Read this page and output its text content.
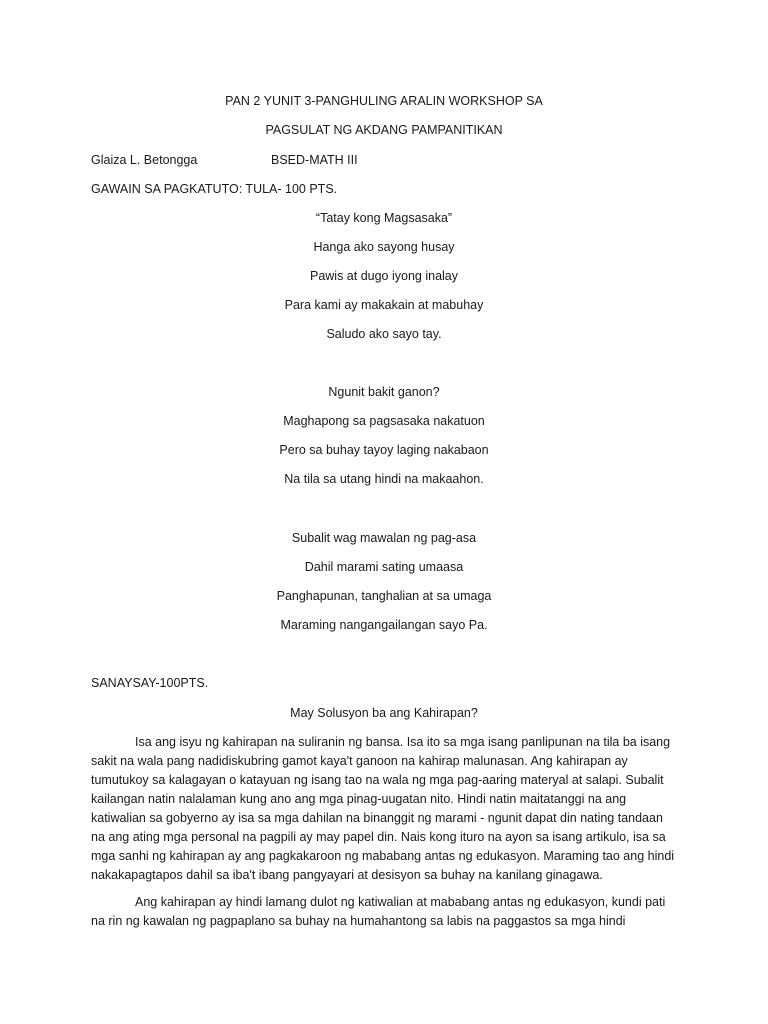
PAN 2 YUNIT 3-PANGHULING ARALIN WORKSHOP SA
PAGSULAT NG AKDANG PAMPANITIKAN
Glaiza L. Betongga	BSED-MATH III
GAWAIN SA PAGKATUTO: TULA- 100 PTS.
“Tatay kong Magsasaka”
Hanga ako sayong husay
Pawis at dugo iyong inalay
Para kami ay makakain at mabuhay
Saludo ako sayo tay.
Ngunit bakit ganon?
Maghapong sa pagsasaka nakatuon
Pero sa buhay tayoy laging nakabaon
Na tila sa utang hindi na makaahon.
Subalit wag mawalan ng pag-asa
Dahil marami sating umaasa
Panghapunan, tanghalian at sa umaga
Maraming nangangailangan sayo Pa.
SANAYSAY-100PTS.
May Solusyon ba ang Kahirapan?
Isa ang isyu ng kahirapan na suliranin ng bansa. Isa ito sa mga isang panlipunan na tila ba isang
sakit na wala pang nadidiskubring gamot kaya't ganoon na kahirap malunasan. Ang kahirapan ay
tumutukoy sa kalagayan o katayuan ng isang tao na wala ng mga pag-aaring materyal at salapi. Subalit
kailangan natin nalalaman kung ano ang mga pinag-uugatan nito. Hindi natin maitatanggi na ang
katiwalian sa gobyerno ay isa sa mga dahilan na binanggit ng marami - ngunit dapat din nating tandaan
na ang ating mga personal na pagpili ay may papel din. Nais kong ituro na ayon sa isang artikulo, isa sa
mga sanhi ng kahirapan ay ang pagkakaroon ng mababang antas ng edukasyon. Maraming tao ang hindi
nakakapagtapos dahil sa iba't ibang pangyayari at desisyon sa buhay na kanilang ginagawa.
Ang kahirapan ay hindi lamang dulot ng katiwalian at mababang antas ng edukasyon, kundi pati
na rin ng kawalan ng pagpaplano sa buhay na humahantong sa labis na paggastos sa mga hindi
